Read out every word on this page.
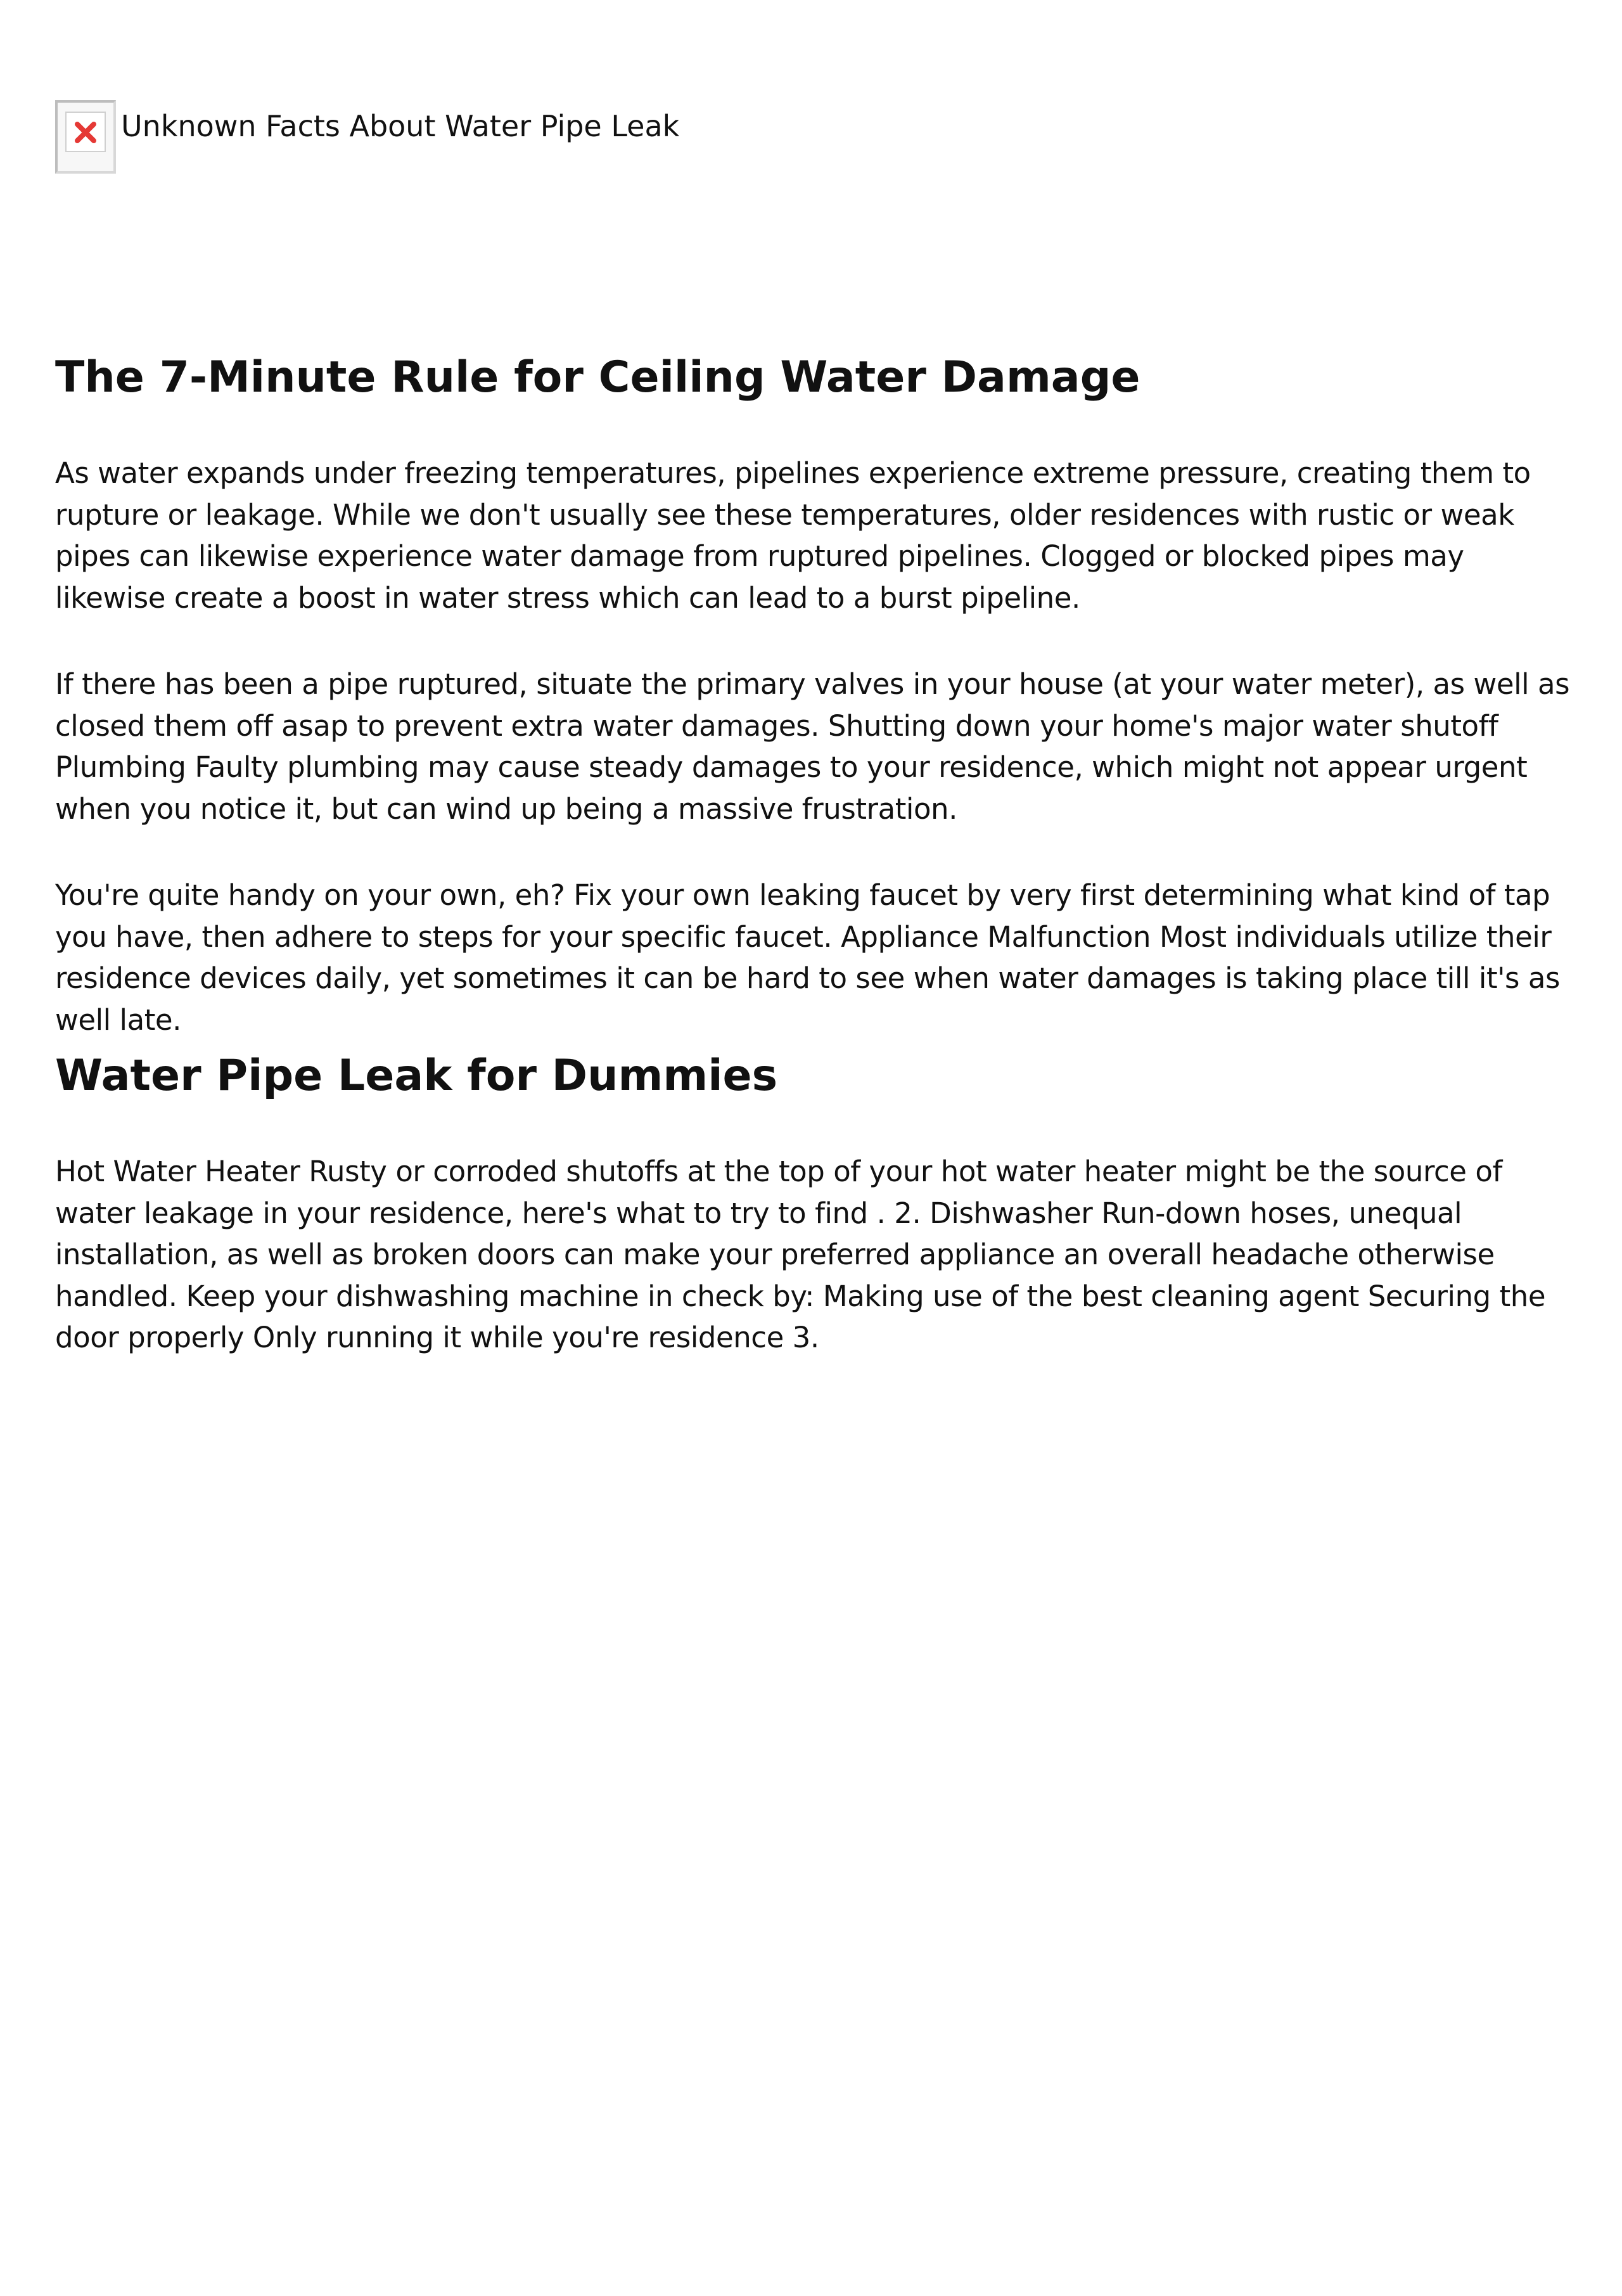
Unknown Facts About Water Pipe Leak
The 7-Minute Rule for Ceiling Water Damage

As water expands under freezing temperatures, pipelines experience extreme pressure, creating them to rupture or leakage. While we don't usually see these temperatures, older residences with rustic or weak pipes can likewise experience water damage from ruptured pipelines. Clogged or blocked pipes may likewise create a boost in water stress which can lead to a burst pipeline.

If there has been a pipe ruptured, situate the primary valves in your house (at your water meter), as well as closed them off asap to prevent extra water damages. Shutting down your home's major water shutoff Plumbing Faulty plumbing may cause steady damages to your residence, which might not appear urgent when you notice it, but can wind up being a massive frustration.

You're quite handy on your own, eh? Fix your own leaking faucet by very first determining what kind of tap you have, then adhere to steps for your specific faucet. Appliance Malfunction Most individuals utilize their residence devices daily, yet sometimes it can be hard to see when water damages is taking place till it's as well late.

Water Pipe Leak for Dummies

Hot Water Heater Rusty or corroded shutoffs at the top of your hot water heater might be the source of water leakage in your residence, here's what to try to find . 2. Dishwasher Run-down hoses, unequal installation, as well as broken doors can make your preferred appliance an overall headache otherwise handled. Keep your dishwashing machine in check by: Making use of the best cleaning agent Securing the door properly Only running it while you're residence 3.
